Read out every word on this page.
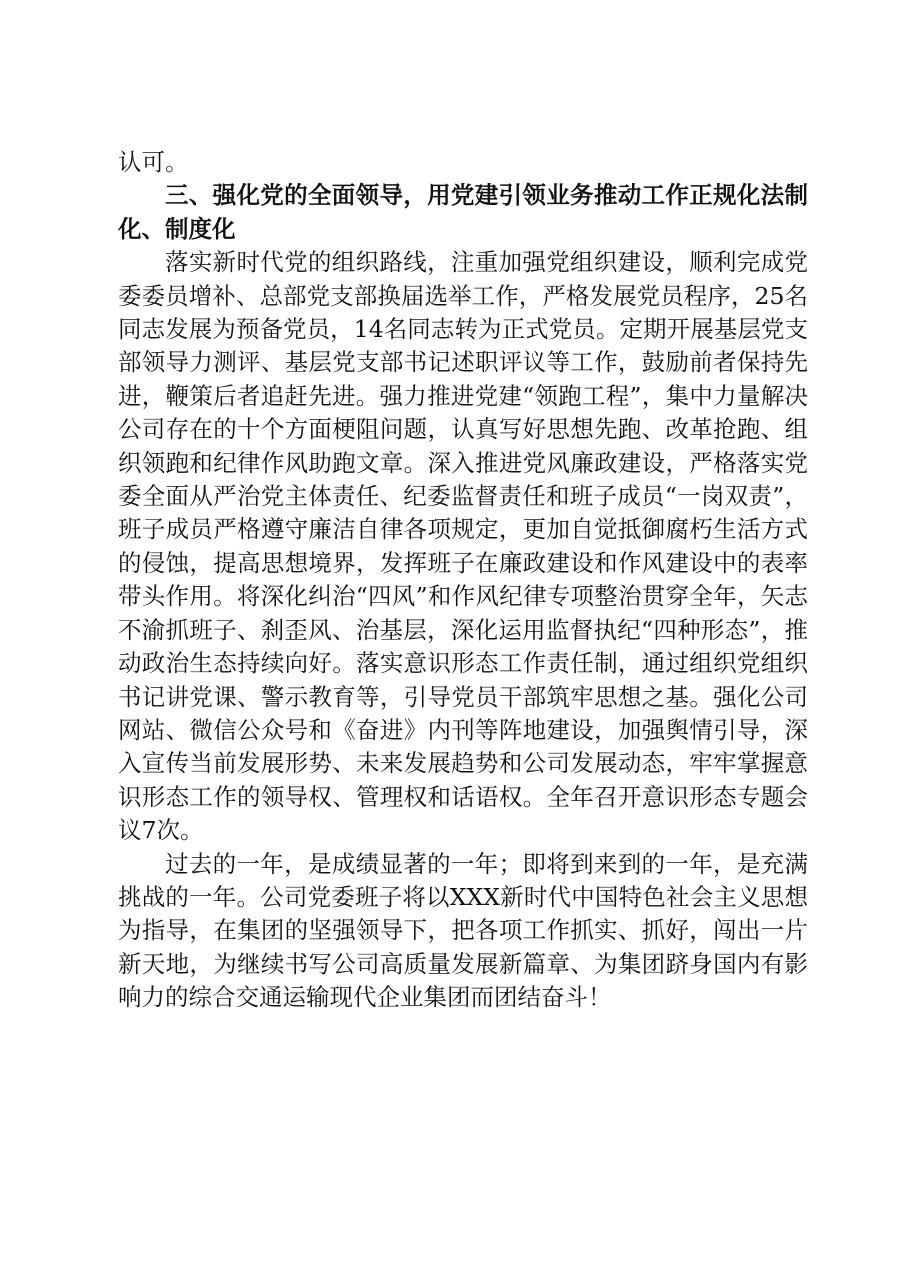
认可。

三、强化党的全面领导，用党建引领业务推动工作正规化法制化、制度化

落实新时代党的组织路线，注重加强党组织建设，顺利完成党委委员增补、总部党支部换届选举工作，严格发展党员程序，25名同志发展为预备党员，14名同志转为正式党员。定期开展基层党支部领导力测评、基层党支部书记述职评议等工作，鼓励前者保持先进，鞭策后者追赶先进。强力推进党建“领跑工程”，集中力量解决公司存在的十个方面梗阻问题，认真写好思想先跑、改革抢跑、组织领跑和纪律作风助跑文章。深入推进党风廉政建设，严格落实党委全面从严治党主体责任、纪委监督责任和班子成员“一岗双责”，班子成员严格遵守廉洁自律各项规定，更加自觉抵御腐朽生活方式的侵蚀，提高思想境界，发挥班子在廉政建设和作风建设中的表率带头作用。将深化纠治“四风”和作风纪律专项整治贯穿全年，矢志不渝抓班子、刹歪风、治基层，深化运用监督执纪“四种形态”，推动政治生态持续向好。落实意识形态工作责任制，通过组织党组织书记讲党课、警示教育等，引导党员干部筑牢思想之基。强化公司网站、微信公众号和《奋进》内刊等阵地建设，加强舆情引导，深入宣传当前发展形势、未来发展趋势和公司发展动态，牢牢掌握意识形态工作的领导权、管理权和话语权。全年召开意识形态专题会议7次。

过去的一年，是成绩显著的一年；即将到来到的一年，是充满挑战的一年。公司党委班子将以XXX新时代中国特色社会主义思想为指导，在集团的坚强领导下，把各项工作抓实、抓好，闯出一片新天地，为继续书写公司高质量发展新篇章、为集团跻身国内有影响力的综合交通运输现代企业集团而团结奋斗！
